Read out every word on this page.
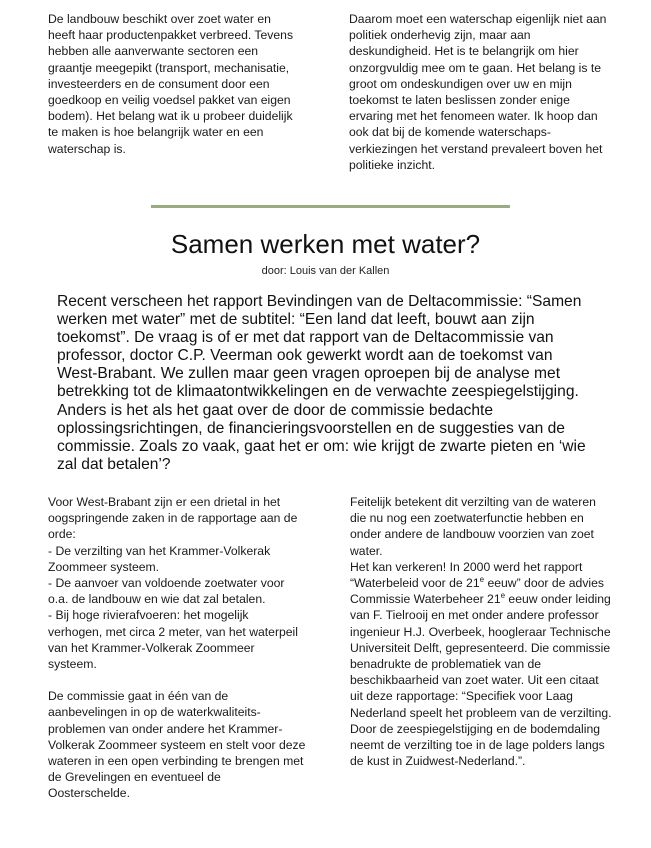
De landbouw beschikt over zoet water en heeft haar productenpakket verbreed. Tevens hebben alle aanverwante sectoren een graantje meegepikt (transport, mechanisatie, investeerders en de consument door een goedkoop en veilig voedsel pakket van eigen bodem). Het belang wat ik u probeer duidelijk te maken is hoe belangrijk water en een waterschap is.

Daarom moet een waterschap eigenlijk niet aan politiek onderhevig zijn, maar aan deskundigheid. Het is te belangrijk om hier onzorgvuldig mee om te gaan. Het belang is te groot om ondeskundigen over uw en mijn toekomst te laten beslissen zonder enige ervaring met het fenomeen water. Ik hoop dan ook dat bij de komende waterschaps-verkiezingen het verstand prevaleert boven het politieke inzicht.

Samen werken met water?
door: Louis van der Kallen

Recent verscheen het rapport Bevindingen van de Deltacommissie: “Samen werken met water” met de subtitel: “Een land dat leeft, bouwt aan zijn toekomst”. De vraag is of er met dat rapport van de Deltacommissie van professor, doctor C.P. Veerman ook gewerkt wordt aan de toekomst van West-Brabant. We zullen maar geen vragen oproepen bij de analyse met betrekking tot de klimaatontwikkelingen en de verwachte zeespiegelstijging. Anders is het als het gaat over de door de commissie bedachte oplossingsrichtingen, de financieringsvoorstellen en de suggesties van de commissie. Zoals zo vaak, gaat het er om: wie krijgt de zwarte pieten en ‘wie zal dat betalen’?

Voor West-Brabant zijn er een drietal in het oogspringende zaken in de rapportage aan de orde:

- De verzilting van het Krammer-Volkerak Zoommeer systeem.

- De aanvoer van voldoende zoetwater voor o.a. de landbouw en wie dat zal betalen.

- Bij hoge rivierafvoeren: het mogelijk verhogen, met circa 2 meter, van het waterpeil van het Krammer-Volkerak Zoommeer systeem.

De commissie gaat in één van de aanbevelingen in op de waterkwaliteits-problemen van onder andere het Krammer-Volkerak Zoommeer systeem en stelt voor deze wateren in een open verbinding te brengen met de Grevelingen en eventueel de Oosterschelde.

Feitelijk betekent dit verzilting van de wateren die nu nog een zoetwaterfunctie hebben en onder andere de landbouw voorzien van zoet water.

Het kan verkeren! In 2000 werd het rapport “Waterbeleid voor de 21e eeuw” door de advies Commissie Waterbeheer 21e eeuw onder leiding van F. Tielrooij en met onder andere professor ingenieur H.J. Overbeek, hoogleraar Technische Universiteit Delft, gepresenteerd. Die commissie benadrukte de problematiek van de beschikbaarheid van zoet water. Uit een citaat uit deze rapportage: “Specifiek voor Laag Nederland speelt het probleem van de verzilting. Door de zeespiegelstijging en de bodemdaling neemt de verzilting toe in de lage polders langs de kust in Zuidwest-Nederland.”.
